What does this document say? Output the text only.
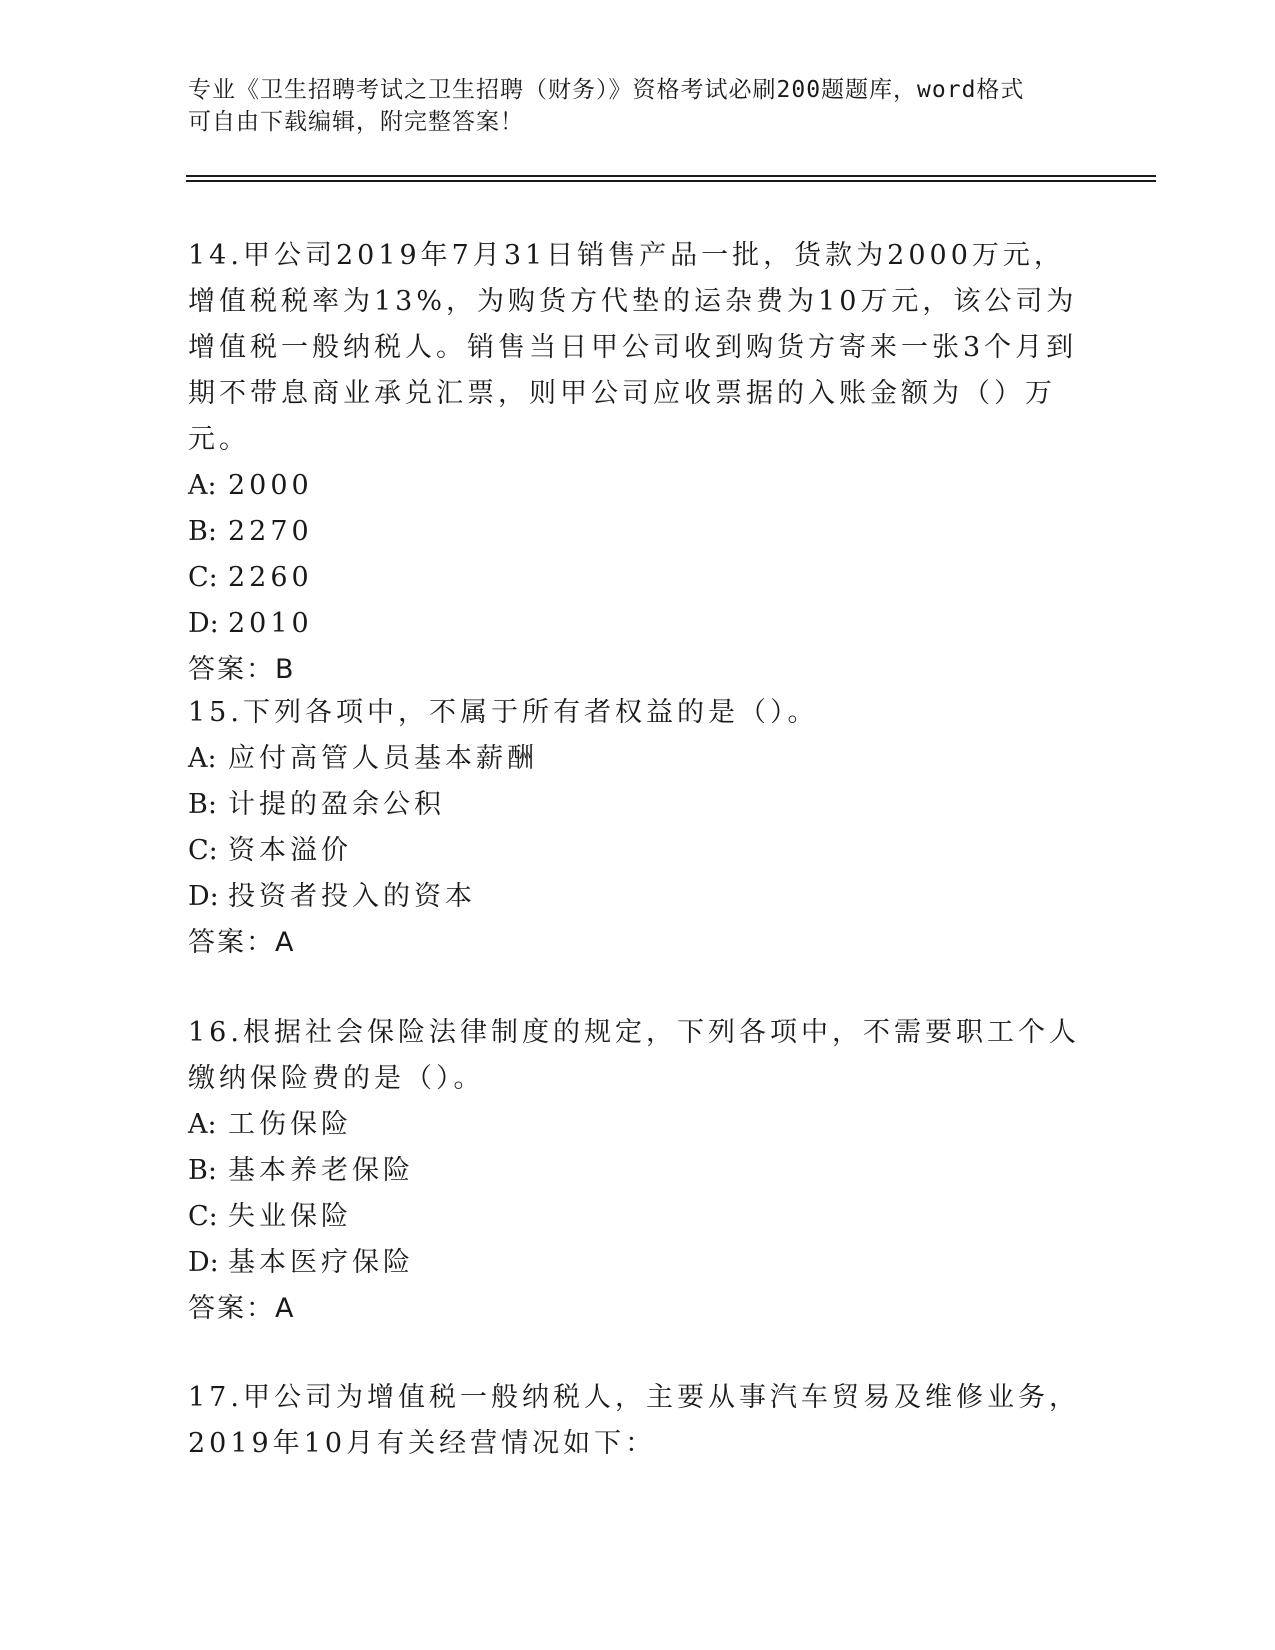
专业《卫生招聘考试之卫生招聘（财务）》资格考试必刷200题题库，word格式
可自由下载编辑，附完整答案！
14.甲公司2019年7月31日销售产品一批，货款为2000万元，增值税税率为13%，为购货方代垫的运杂费为10万元，该公司为增值税一般纳税人。销售当日甲公司收到购货方寄来一张3个月到期不带息商业承兑汇票，则甲公司应收票据的入账金额为（）万元。
A: 2000
B: 2270
C: 2260
D: 2010
答案：B
15.下列各项中，不属于所有者权益的是（）。
A: 应付高管人员基本薪酬
B: 计提的盈余公积
C: 资本溢价
D: 投资者投入的资本
答案：A
16.根据社会保险法律制度的规定，下列各项中，不需要职工个人缴纳保险费的是（）。
A: 工伤保险
B: 基本养老保险
C: 失业保险
D: 基本医疗保险
答案：A
17.甲公司为增值税一般纳税人，主要从事汽车贸易及维修业务，2019年10月有关经营情况如下：
